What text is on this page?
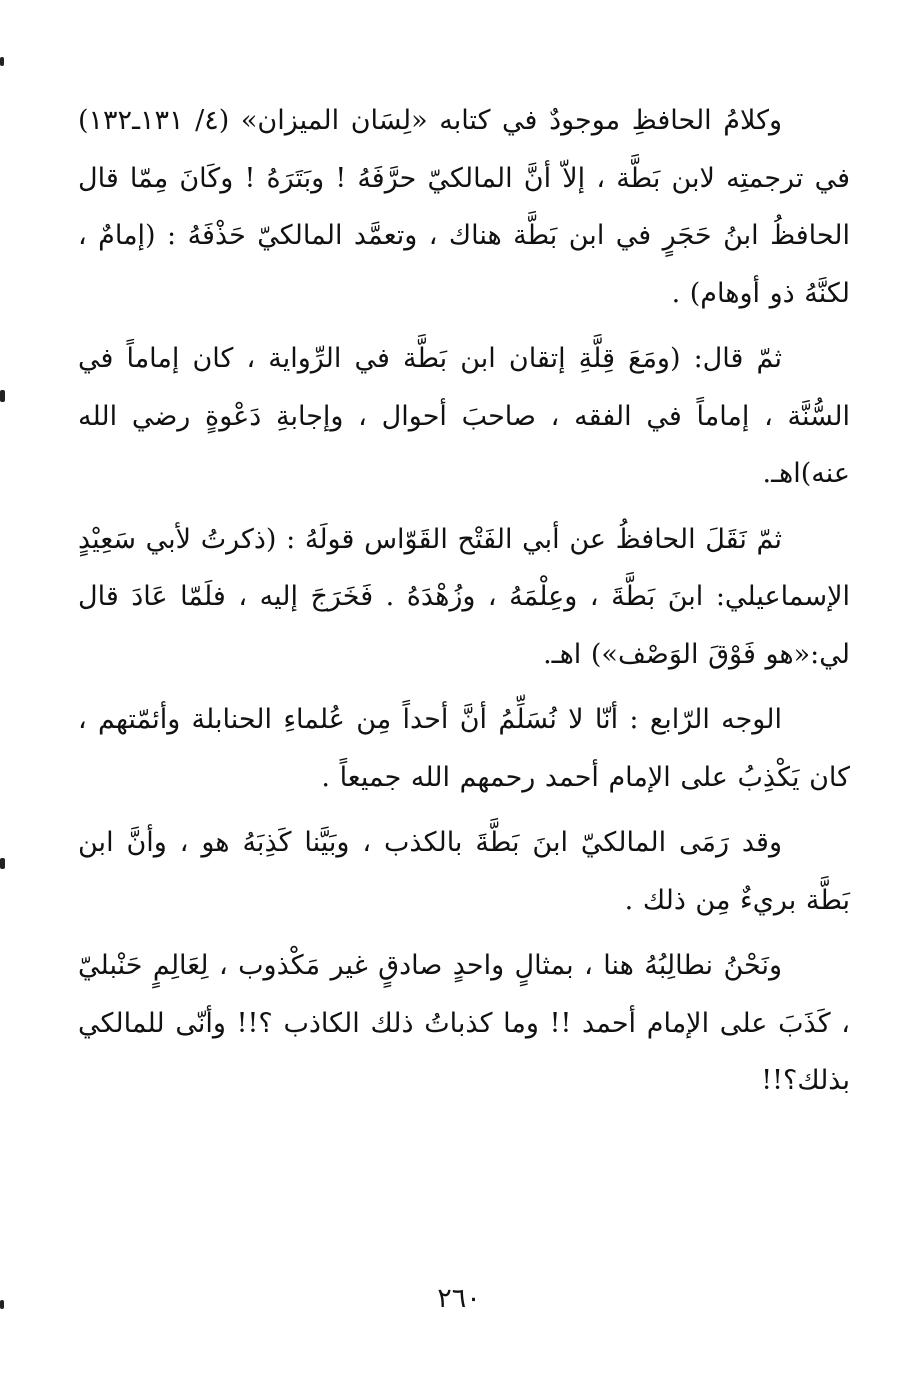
وكلامُ الحافظِ موجودٌ في كتابه «لِسَان الميزان» (٤/ ١٣١ـ١٣٢) في ترجمتِه لابن بَطَّة ، إلاّ أنَّ المالكيّ حرَّفَهُ ! وبَتَرَهُ ! وكَانَ مِمّا قال الحافظُ ابنُ حَجَرٍ في ابن بَطَّة هناك ، وتعمَّد المالكيّ حَذْفَهُ : (إمامٌ ، لكنَّهُ ذو أوهام) .

ثمّ قال: (ومَعَ قِلَّةِ إتقان ابن بَطَّة في الرِّواية ، كان إماماً في السُّنَّة ، إماماً في الفقه ، صاحبَ أحوال ، وإجابةِ دَعْوةٍ رضي الله عنه)اهـ.

ثمّ نَقَلَ الحافظُ عن أبي الفَتْح القَوّاس قولَهُ : (ذكرتُ لأبي سَعِيْدٍ الإسماعيلي: ابنَ بَطَّةَ ، وعِلْمَهُ ، وزُهْدَهُ . فَخَرَجَ إليه ، فلَمّا عَادَ قال لي:«هو فَوْقَ الوَصْف») اهـ.

الوجه الرّابع : أنّا لا نُسَلِّمُ أنَّ أحداً مِن عُلماءِ الحنابلة وأئمّتهم ، كان يَكْذِبُ على الإمام أحمد رحمهم الله جميعاً .

وقد رَمَى المالكيّ ابنَ بَطَّةَ بالكذب ، وبَيَّنا كَذِبَهُ هو ، وأنَّ ابن بَطَّة بريءٌ مِن ذلك .

ونَحْنُ نطالِبُهُ هنا ، بمثالٍ واحدٍ صادقٍ غير مَكْذوب ، لِعَالِمٍ حَنْبليّ ، كَذَبَ على الإمام أحمد !! وما كذباتُ ذلك الكاذب ؟!! وأنّى للمالكي بذلك؟!!

٢٦٠
